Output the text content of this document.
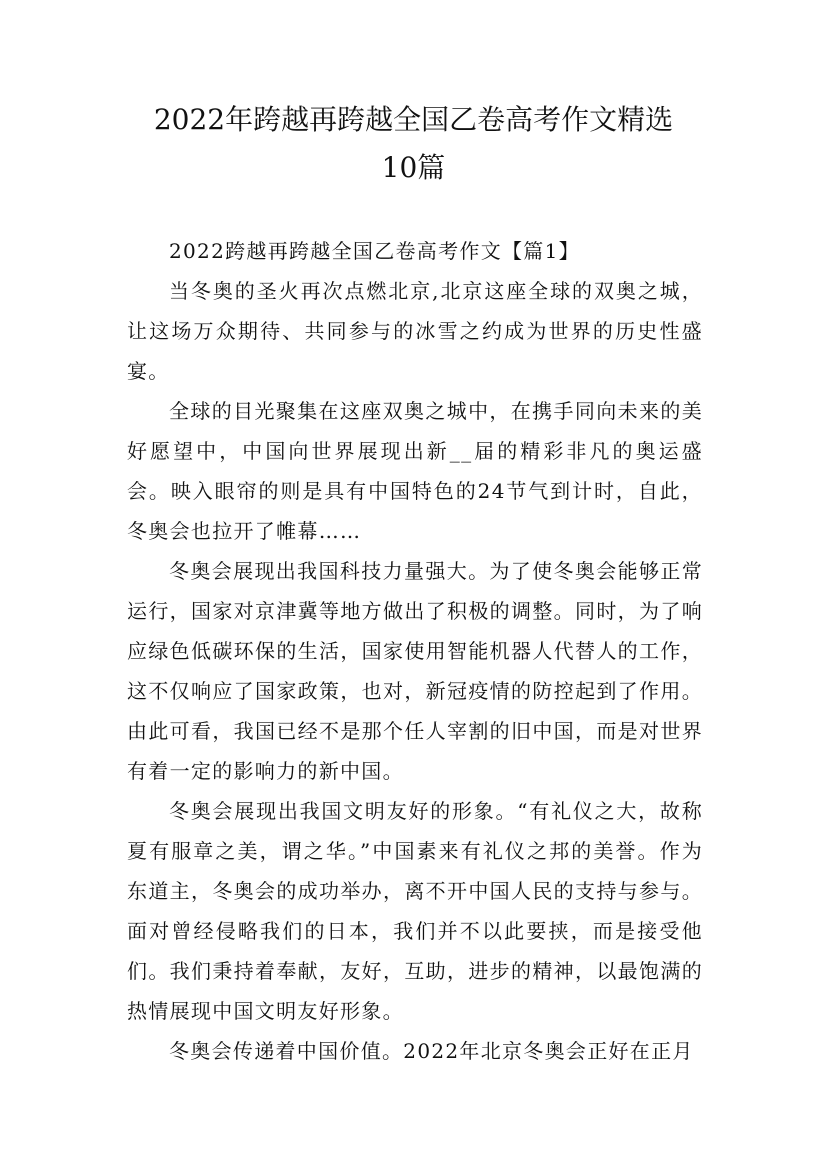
2022年跨越再跨越全国乙卷高考作文精选
10篇

2022跨越再跨越全国乙卷高考作文【篇1】

当冬奥的圣火再次点燃北京,北京这座全球的双奥之城，让这场万众期待、共同参与的冰雪之约成为世界的历史性盛宴。

全球的目光聚集在这座双奥之城中，在携手同向未来的美好愿望中，中国向世界展现出新__届的精彩非凡的奥运盛会。映入眼帘的则是具有中国特色的24节气到计时，自此，冬奥会也拉开了帷幕……

冬奥会展现出我国科技力量强大。为了使冬奥会能够正常运行，国家对京津冀等地方做出了积极的调整。同时，为了响应绿色低碳环保的生活，国家使用智能机器人代替人的工作，这不仅响应了国家政策，也对，新冠疫情的防控起到了作用。由此可看，我国已经不是那个任人宰割的旧中国，而是对世界有着一定的影响力的新中国。

冬奥会展现出我国文明友好的形象。“有礼仪之大，故称夏有服章之美，谓之华。”中国素来有礼仪之邦的美誉。作为东道主，冬奥会的成功举办，离不开中国人民的支持与参与。面对曾经侵略我们的日本，我们并不以此要挟，而是接受他们。我们秉持着奉献，友好，互助，进步的精神，以最饱满的热情展现中国文明友好形象。

冬奥会传递着中国价值。2022年北京冬奥会正好在正月
